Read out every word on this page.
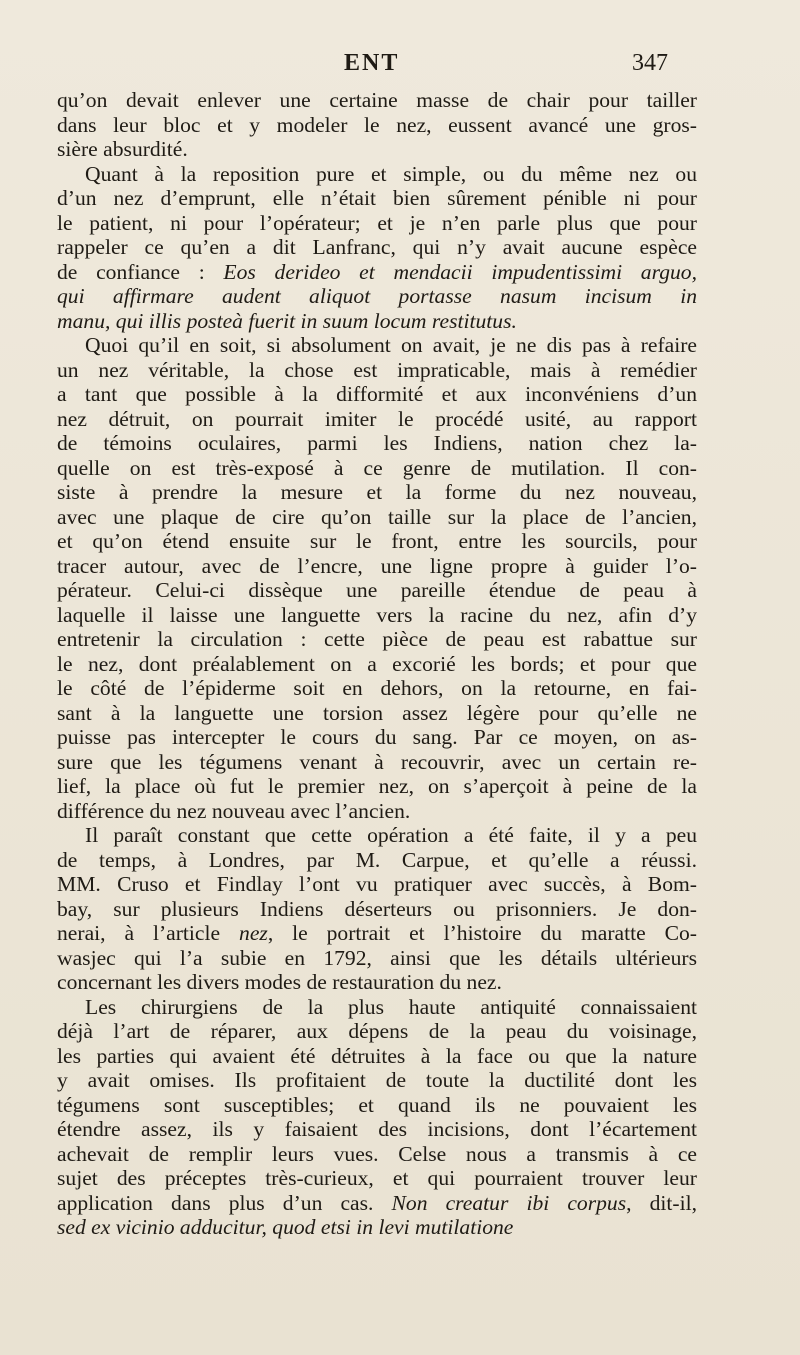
ENT	347
qu’on devait enlever une certaine masse de chair pour tailler
dans leur bloc et y modeler le nez, eussent avancé une gros-
sière absurdité.
Quant à la reposition pure et simple, ou du même nez ou
d’un nez d’emprunt, elle n’était bien sûrement pénible ni pour
le patient, ni pour l’opérateur; et je n’en parle plus que pour
rappeler ce qu’en a dit Lanfranc, qui n’y avait aucune espèce
de confiance : Eos derideo et mendacii impudentissimi arguo,
qui affirmare audent aliquot portasse nasum incisum in
manu, qui illis posteà fuerit in suum locum restitutus.
Quoi qu’il en soit, si absolument on avait, je ne dis pas à refaire
un nez véritable, la chose est impraticable, mais à remédier
a tant que possible à la difformité et aux inconvéniens d’un
nez détruit, on pourrait imiter le procédé usité, au rapport
de témoins oculaires, parmi les Indiens, nation chez la-
quelle on est très-exposé à ce genre de mutilation. Il con-
siste à prendre la mesure et la forme du nez nouveau,
avec une plaque de cire qu’on taille sur la place de l’ancien,
et qu’on étend ensuite sur le front, entre les sourcils, pour
tracer autour, avec de l’encre, une ligne propre à guider l’o-
pérateur. Celui-ci dissèque une pareille étendue de peau à
laquelle il laisse une languette vers la racine du nez, afin d’y
entretenir la circulation : cette pièce de peau est rabattue sur
le nez, dont préalablement on a excorié les bords; et pour que
le côté de l’épiderme soit en dehors, on la retourne, en fai-
sant à la languette une torsion assez légère pour qu’elle ne
puisse pas intercepter le cours du sang. Par ce moyen, on as-
sure que les tégumens venant à recouvrir, avec un certain re-
lief, la place où fut le premier nez, on s’aperçoit à peine de la
différence du nez nouveau avec l’ancien.
Il paraît constant que cette opération a été faite, il y a peu
de temps, à Londres, par M. Carpue, et qu’elle a réussi.
MM. Cruso et Findlay l’ont vu pratiquer avec succès, à Bom-
bay, sur plusieurs Indiens déserteurs ou prisonniers. Je don-
nerai, à l’article nez, le portrait et l’histoire du maratte Co-
wasjec qui l’a subie en 1792, ainsi que les détails ultérieurs
concernant les divers modes de restauration du nez.
Les chirurgiens de la plus haute antiquité connaissaient
déjà l’art de réparer, aux dépens de la peau du voisinage,
les parties qui avaient été détruites à la face ou que la nature
y avait omises. Ils profitaient de toute la ductilité dont les
tégumens sont susceptibles; et quand ils ne pouvaient les
étendre assez, ils y faisaient des incisions, dont l’écartement
achevait de remplir leurs vues. Celse nous a transmis à ce
sujet des préceptes très-curieux, et qui pourraient trouver leur
application dans plus d’un cas. Non creatur ibi corpus, dit-il,
sed ex vicinio adducitur, quod etsi in levi mutilatione
